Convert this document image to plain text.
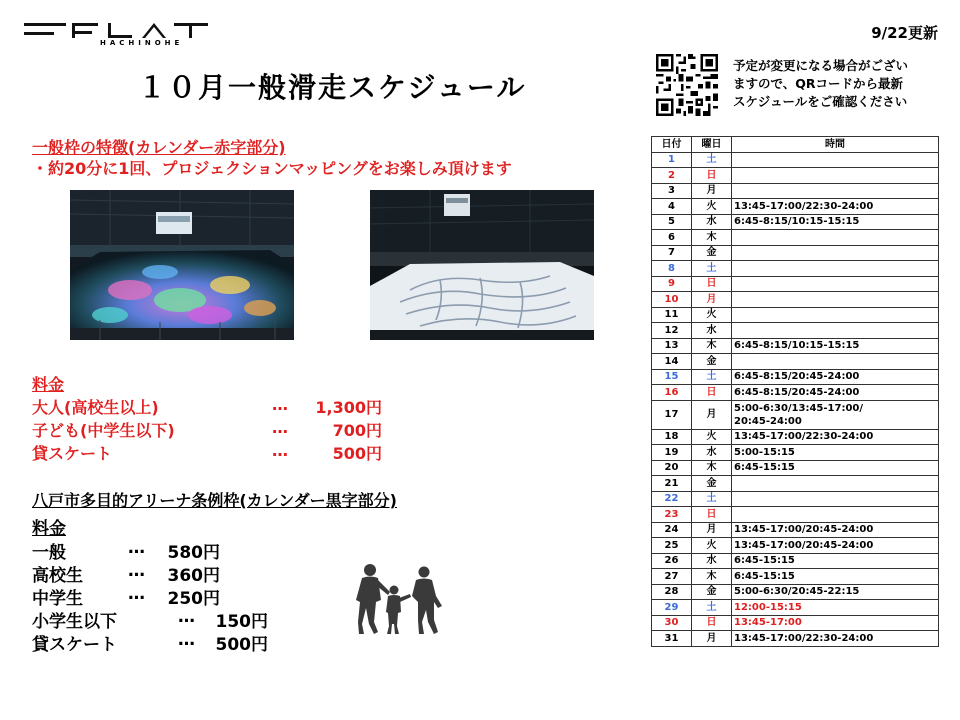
HACHINOHE
9/22更新
１０月一般滑走スケジュール
予定が変更になる場合がござい
ますので、QRコードから最新
スケジュールをご確認ください
一般枠の特徴(カレンダー赤字部分)
・約20分に1回、プロジェクションマッピングをお楽しみ頂けます
料金
大人(高校生以上)	…	1,300円
子ども(中学生以下)	…	700円
貸スケート	…	500円
八戸市多目的アリーナ条例枠(カレンダー黒字部分)
料金
一般	…	580円
高校生	…	360円
中学生	…	250円
小学生以下	…	150円
貸スケート	…	500円
日付	曜日	時間
1	土	
2	日	
3	月	
4	火	13:45-17:00/22:30-24:00
5	水	6:45-8:15/10:15-15:15
6	木	
7	金	
8	土	
9	日	
10	月	
11	火	
12	水	
13	木	6:45-8:15/10:15-15:15
14	金	
15	土	6:45-8:15/20:45-24:00
16	日	6:45-8:15/20:45-24:00
17	月	5:00-6:30/13:45-17:00/
20:45-24:00
18	火	13:45-17:00/22:30-24:00
19	水	5:00-15:15
20	木	6:45-15:15
21	金	
22	土	
23	日	
24	月	13:45-17:00/20:45-24:00
25	火	13:45-17:00/20:45-24:00
26	水	6:45-15:15
27	木	6:45-15:15
28	金	5:00-6:30/20:45-22:15
29	土	12:00-15:15
30	日	13:45-17:00
31	月	13:45-17:00/22:30-24:00
